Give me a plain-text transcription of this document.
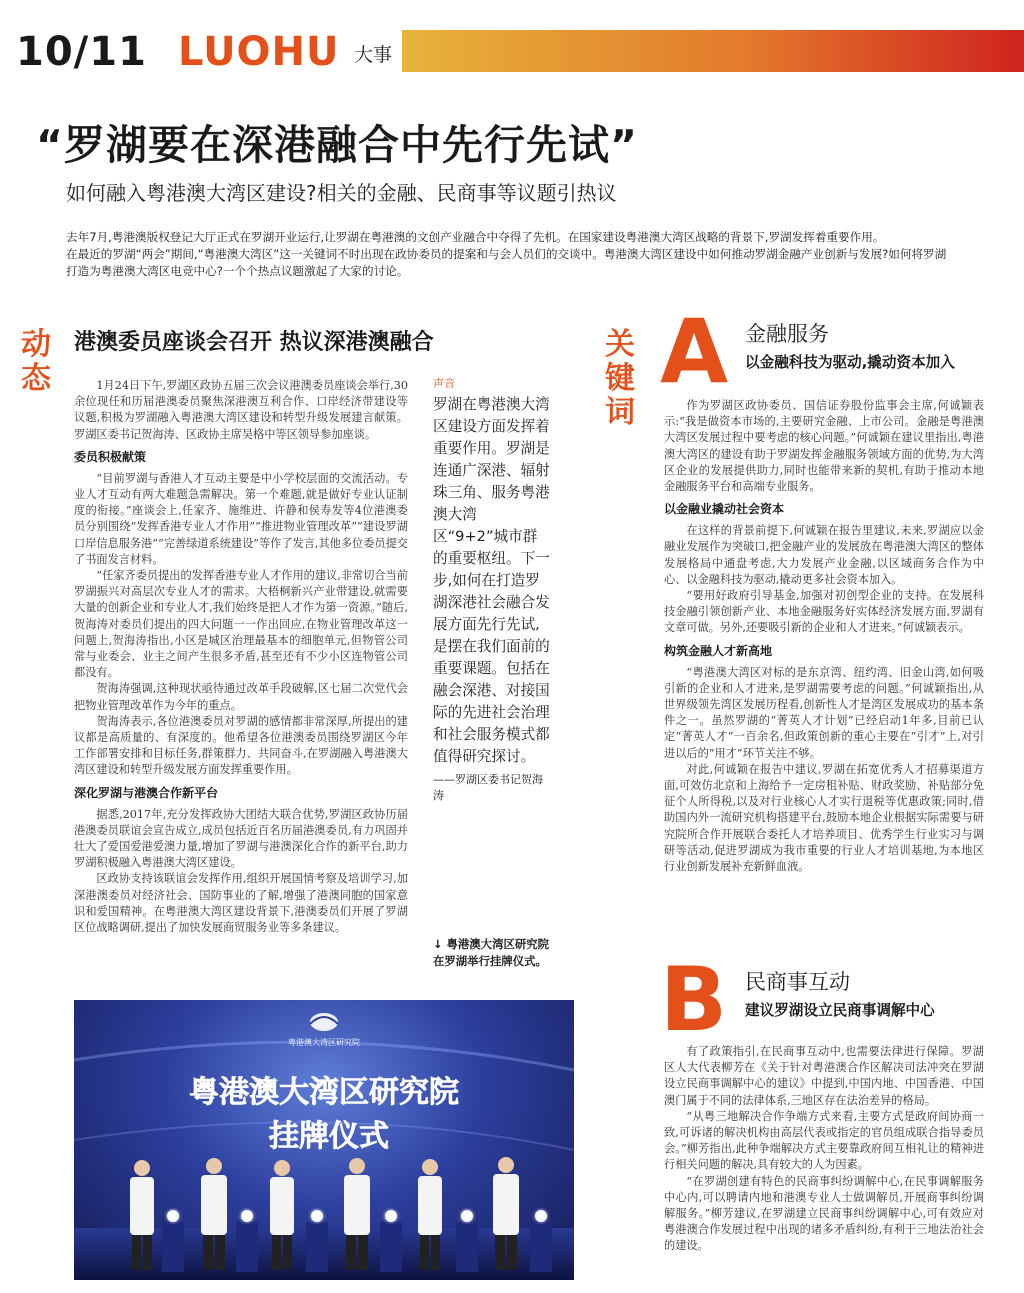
10/11 LUOHU 大事
“罗湖要在深港融合中先行先试”
如何融入粤港澳大湾区建设?相关的金融、民商事等议题引热议

去年7月,粤港澳版权登记大厅正式在罗湖开业运行,让罗湖在粤港澳的文创产业融合中夺得了先机。在国家建设粤港澳大湾区战略的背景下,罗湖发挥着重要作用。

在最近的罗湖“两会”期间,“粤港澳大湾区”这一关键词不时出现在政协委员的提案和与会人员们的交谈中。粤港澳大湾区建设中如何推动罗湖金融产业创新与发展?如何将罗湖打造为粤港澳大湾区电竞中心?一个个热点议题激起了大家的讨论。

动
态
关
键
词
港澳委员座谈会召开 热议深港澳融合

1月24日下午,罗湖区政协五届三次会议港澳委员座谈会举行,30余位现任和历届港澳委员聚焦深港澳互利合作、口岸经济带建设等议题,积极为罗湖融入粤港澳大湾区建设和转型升级发展建言献策。罗湖区委书记贺海涛、区政协主席吴格中等区领导参加座谈。

委员积极献策

“目前罗湖与香港人才互动主要是中小学校层面的交流活动。专业人才互动有两大难题急需解决。第一个难题,就是做好专业认证制度的衔接。”座谈会上,任家齐、施维进、许静和侯寿发等4位港澳委员分别围绕“发挥香港专业人才作用”“推进物业管理改革”“建设罗湖口岸信息服务港”“完善绿道系统建设”等作了发言,其他多位委员提交了书面发言材料。

“任家齐委员提出的发挥香港专业人才作用的建议,非常切合当前罗湖振兴对高层次专业人才的需求。大梧桐新兴产业带建设,就需要大量的创新企业和专业人才,我们始终是把人才作为第一资源。”随后,贺海涛对委员们提出的四大问题一一作出回应,在物业管理改革这一问题上,贺海涛指出,小区是城区治理最基本的细胞单元,但物管公司常与业委会、业主之间产生很多矛盾,甚至还有不少小区连物管公司都没有。

贺海涛强调,这种现状亟待通过改革手段破解,区七届二次党代会把物业管理改革作为今年的重点。

贺海涛表示,各位港澳委员对罗湖的感情都非常深厚,所提出的建议都是高质量的、有深度的。他希望各位港澳委员围绕罗湖区今年工作部署安排和目标任务,群策群力、共同奋斗,在罗湖融入粤港澳大湾区建设和转型升级发展方面发挥重要作用。

深化罗湖与港澳合作新平台

据悉,2017年,充分发挥政协大团结大联合优势,罗湖区政协历届港澳委员联谊会宣告成立,成员包括近百名历届港澳委员,有力巩固并壮大了爱国爱港爱澳力量,增加了罗湖与港澳深化合作的新平台,助力罗湖积极融入粤港澳大湾区建设。

区政协支持该联谊会发挥作用,组织开展国情考察及培训学习,加深港澳委员对经济社会、国防事业的了解,增强了港澳同胞的国家意识和爱国精神。在粤港澳大湾区建设背景下,港澳委员们开展了罗湖区位战略调研,提出了加快发展商贸服务业等多条建议。

声音
罗湖在粤港澳大湾区建设方面发挥着重要作用。罗湖是连通广深港、辐射珠三角、服务粤港澳大湾区“9+2”城市群的重要枢纽。下一步,如何在打造罗湖深港社会融合发展方面先行先试,是摆在我们面前的重要课题。包括在融会深港、对接国际的先进社会治理和社会服务模式都值得研究探讨。
——罗湖区委书记贺海涛
↓ 粤港澳大湾区研究院在罗湖举行挂牌仪式。
粤港澳大湾区研究院
粤港澳大湾区研究院
挂牌仪式
A 金融服务
以金融科技为驱动,撬动资本加入

作为罗湖区政协委员、国信证券股份监事会主席,何诚颖表示:“我是做资本市场的,主要研究金融、上市公司。金融是粤港澳大湾区发展过程中要考虑的核心问题。”何诚颖在建议里指出,粤港澳大湾区的建设有助于罗湖发挥金融服务领域方面的优势,为大湾区企业的发展提供助力,同时也能带来新的契机,有助于推动本地金融服务平台和高端专业服务。

以金融业撬动社会资本

在这样的背景前提下,何诚颖在报告里建议,未来,罗湖应以金融业发展作为突破口,把金融产业的发展放在粤港澳大湾区的整体发展格局中通盘考虑,大力发展产业金融,以区域商务合作为中心、以金融科技为驱动,撬动更多社会资本加入。

“要用好政府引导基金,加强对初创型企业的支持。在发展科技金融引领创新产业、本地金融服务好实体经济发展方面,罗湖有文章可做。另外,还要吸引新的企业和人才进来。”何诚颖表示。

构筑金融人才新高地

“粤港澳大湾区对标的是东京湾、纽约湾、旧金山湾,如何吸引新的企业和人才进来,是罗湖需要考虑的问题。”何诚颖指出,从世界级领先湾区发展历程看,创新性人才是湾区发展成功的基本条件之一。虽然罗湖的“菁英人才计划”已经启动1年多,目前已认定“菁英人才”一百余名,但政策创新的重心主要在“引才”上,对引进以后的“用才”环节关注不够。

对此,何诚颖在报告中建议,罗湖在拓宽优秀人才招募渠道方面,可效仿北京和上海给予一定房租补贴、财政奖励、补贴部分免征个人所得税,以及对行业核心人才实行退税等优惠政策;同时,借助国内外一流研究机构搭建平台,鼓励本地企业根据实际需要与研究院所合作开展联合委托人才培养项目、优秀学生行业实习与调研等活动,促进罗湖成为我市重要的行业人才培训基地,为本地区行业创新发展补充新鲜血液。

B 民商事互动
建议罗湖设立民商事调解中心

有了政策指引,在民商事互动中,也需要法律进行保障。罗湖区人大代表柳芳在《关于针对粤港澳合作区解决司法冲突在罗湖设立民商事调解中心的建议》中提到,中国内地、中国香港、中国澳门属于不同的法律体系,三地区存在法治差异的格局。

“从粤三地解决合作争端方式来看,主要方式是政府间协商一致,可诉诸的解决机构由高层代表或指定的官员组成联合指导委员会。”柳芳指出,此种争端解决方式主要靠政府间互相礼让的精神进行相关问题的解决,具有较大的人为因素。

“在罗湖创建有特色的民商事纠纷调解中心,在民事调解服务中心内,可以聘请内地和港澳专业人士做调解员,开展商事纠纷调解服务。”柳芳建议,在罗湖建立民商事纠纷调解中心,可有效应对粤港澳合作发展过程中出现的诸多矛盾纠纷,有利于三地法治社会的建设。
